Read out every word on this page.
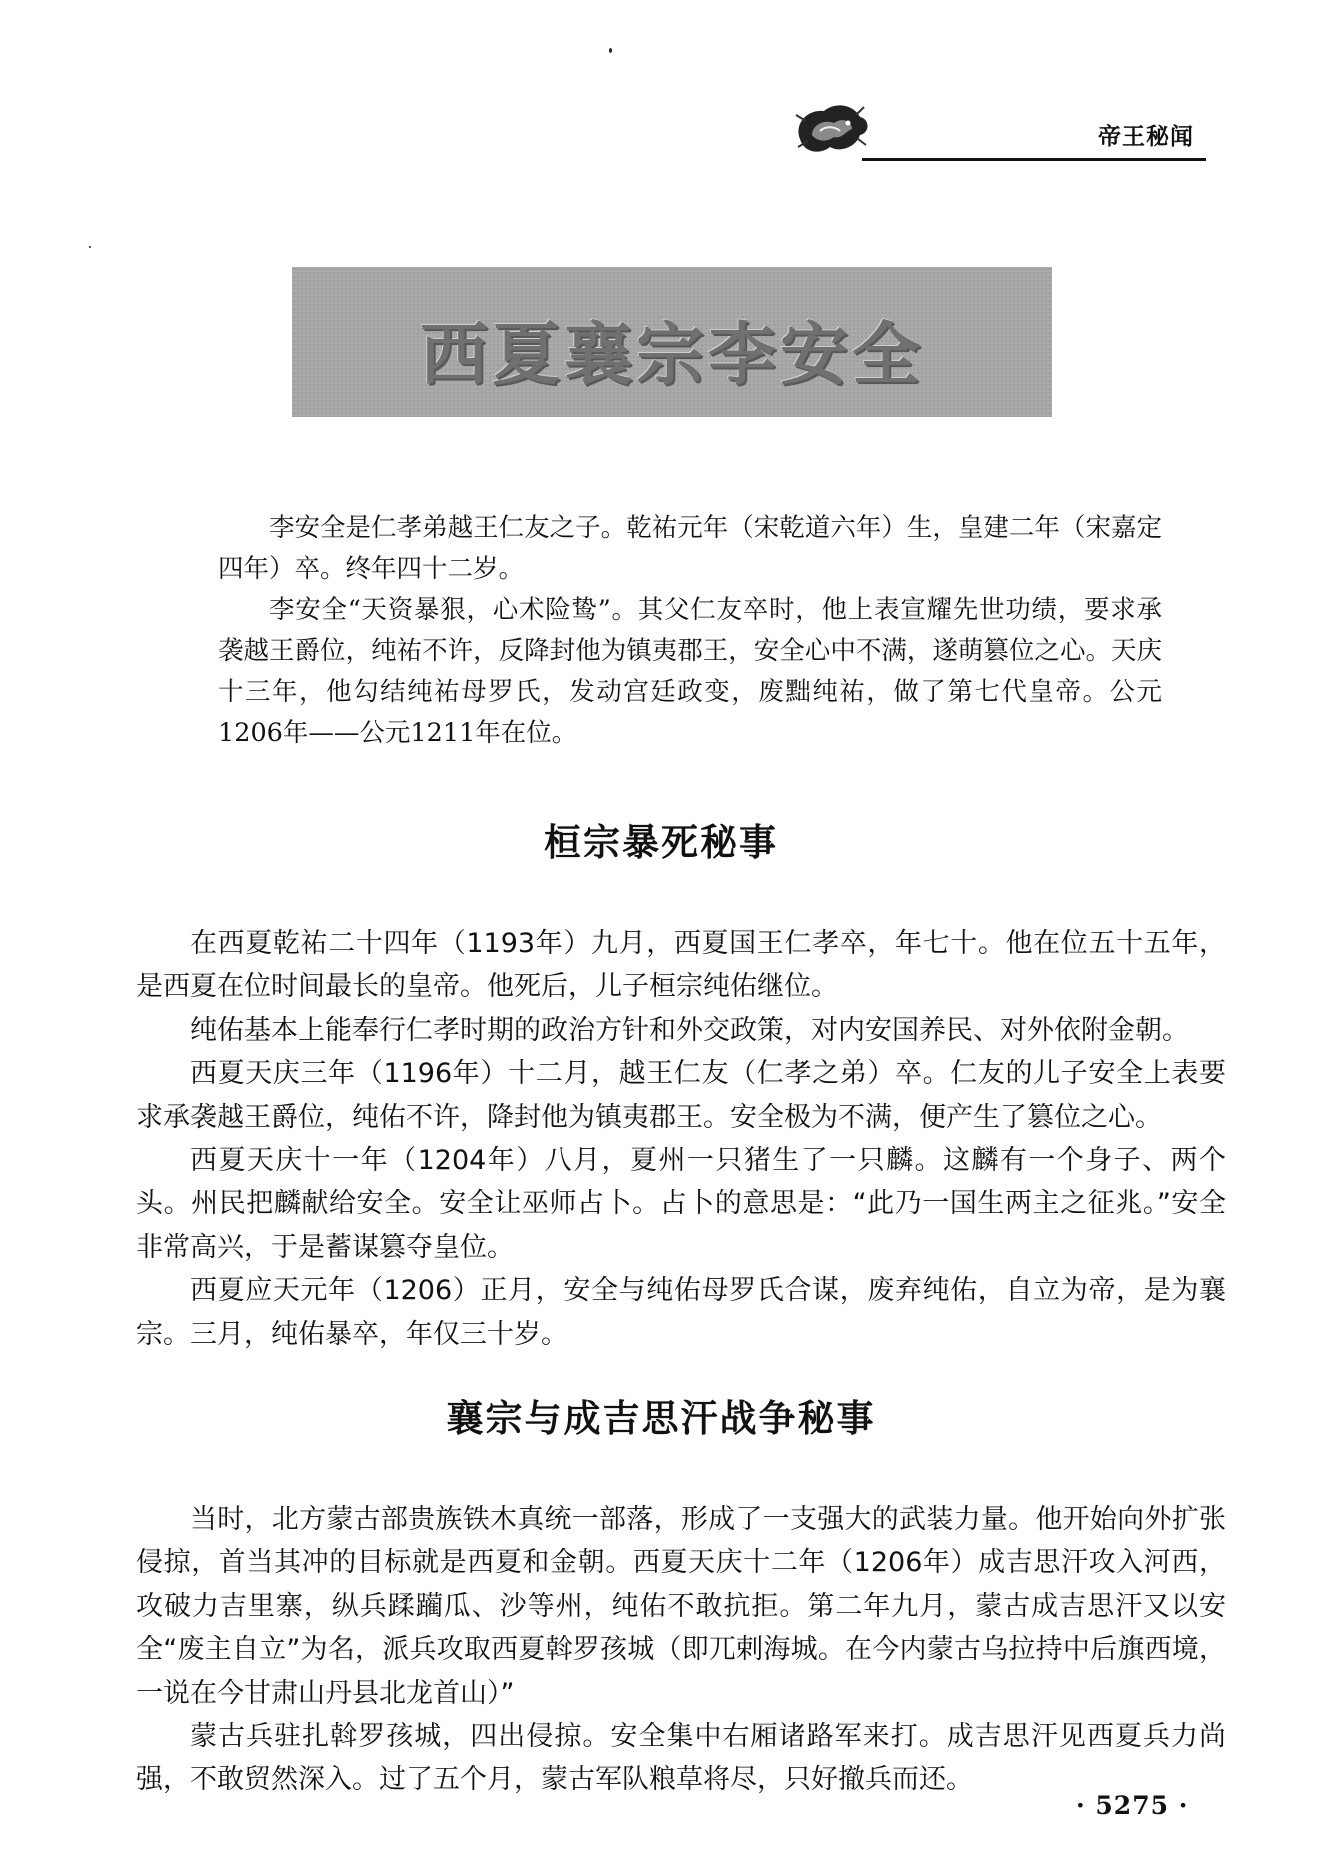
帝王秘闻
西夏襄宗李安全

李安全是仁孝弟越王仁友之子。乾祐元年（宋乾道六年）生，皇建二年（宋嘉定四年）卒。终年四十二岁。

李安全“天资暴狠，心术险鸷”。其父仁友卒时，他上表宣耀先世功绩，要求承袭越王爵位，纯祐不许，反降封他为镇夷郡王，安全心中不满，遂萌篡位之心。天庆十三年，他勾结纯祐母罗氏，发动宫廷政变，废黜纯祐，做了第七代皇帝。公元1206年——公元1211年在位。

桓宗暴死秘事

在西夏乾祐二十四年（1193年）九月，西夏国王仁孝卒，年七十。他在位五十五年，是西夏在位时间最长的皇帝。他死后，儿子桓宗纯佑继位。

纯佑基本上能奉行仁孝时期的政治方针和外交政策，对内安国养民、对外依附金朝。

西夏天庆三年（1196年）十二月，越王仁友（仁孝之弟）卒。仁友的儿子安全上表要求承袭越王爵位，纯佑不许，降封他为镇夷郡王。安全极为不满，便产生了篡位之心。

西夏天庆十一年（1204年）八月，夏州一只猪生了一只麟。这麟有一个身子、两个头。州民把麟献给安全。安全让巫师占卜。占卜的意思是：“此乃一国生两主之征兆。”安全非常高兴，于是蓄谋篡夺皇位。

西夏应天元年（1206）正月，安全与纯佑母罗氏合谋，废弃纯佑，自立为帝，是为襄宗。三月，纯佑暴卒，年仅三十岁。

襄宗与成吉思汗战争秘事

当时，北方蒙古部贵族铁木真统一部落，形成了一支强大的武装力量。他开始向外扩张侵掠，首当其冲的目标就是西夏和金朝。西夏天庆十二年（1206年）成吉思汗攻入河西，攻破力吉里寨，纵兵蹂躏瓜、沙等州，纯佑不敢抗拒。第二年九月，蒙古成吉思汗又以安全“废主自立”为名，派兵攻取西夏斡罗孩城（即兀剌海城。在今内蒙古乌拉持中后旗西境，一说在今甘肃山丹县北龙首山）”

蒙古兵驻扎斡罗孩城，四出侵掠。安全集中右厢诸路军来打。成吉思汗见西夏兵力尚强，不敢贸然深入。过了五个月，蒙古军队粮草将尽，只好撤兵而还。

· 5275 ·
